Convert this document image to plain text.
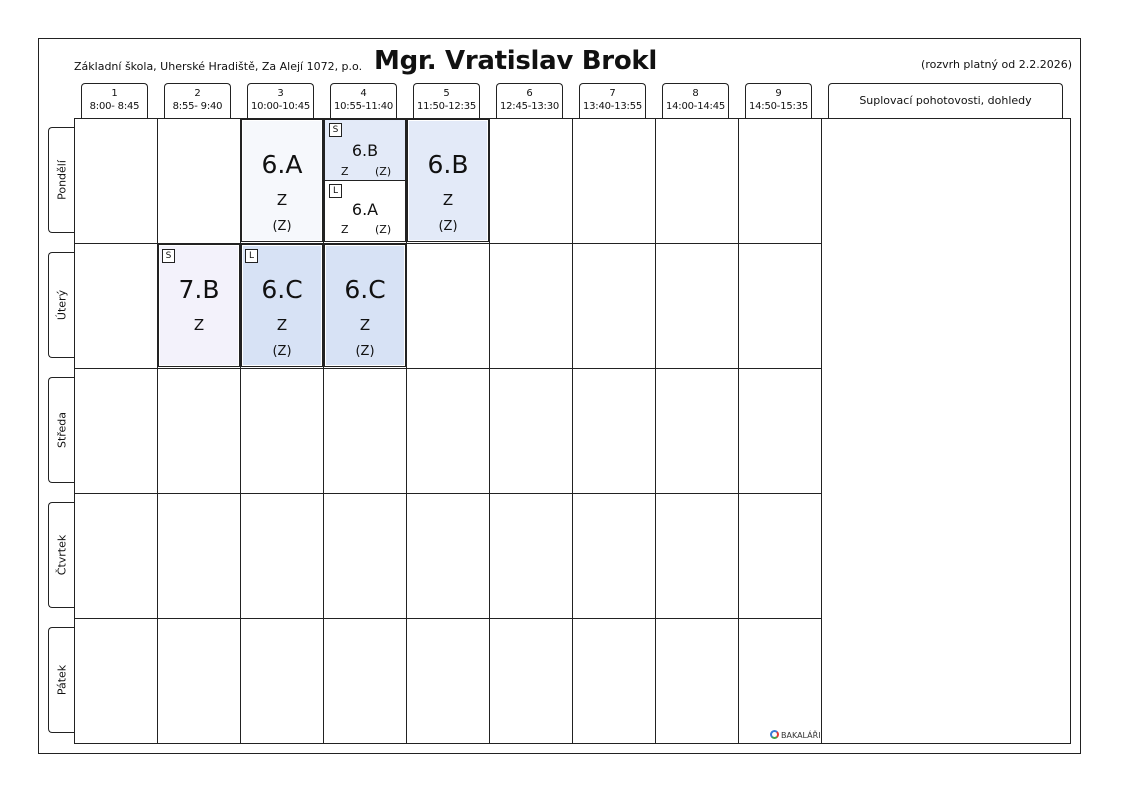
Základní škola, Uherské Hradiště, Za Alejí 1072, p.o. Mgr. Vratislav Brokl	(rozvrh platný od 2.2.2026)
1
8:00- 8:45
2
8:55- 9:40
3
10:00-10:45
4
10:55-11:40
5
11:50-12:35
6
12:45-13:30
7
13:40-13:55
8
14:00-14:45
9
14:50-15:35	Suplovací pohotovosti, dohledy
Pondělí
Úterý
Středa
Čtvrtek
Pátek
6.A
Z
(Z)
S
6.B
Z (Z)
L
6.A
Z (Z)
6.B
Z
(Z)
S
7.B
Z
L
6.C
Z
(Z)
6.C
Z
(Z)
BAKALÁŘI
